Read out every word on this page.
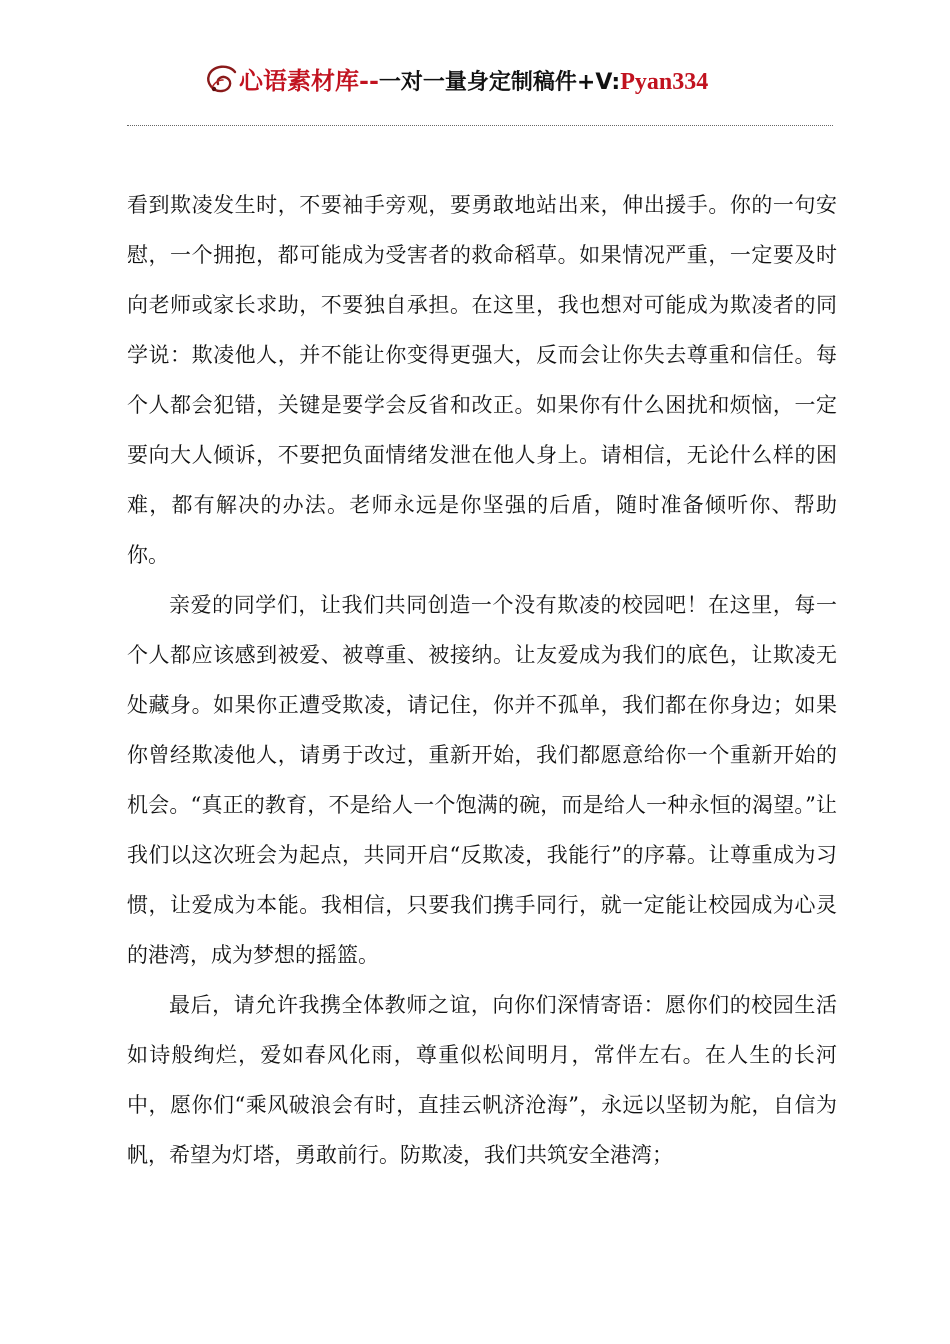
心语素材库--一对一量身定制稿件+V:Pyan334

看到欺凌发生时，不要袖手旁观，要勇敢地站出来，伸出援手。你的一句安慰，一个拥抱，都可能成为受害者的救命稻草。如果情况严重，一定要及时向老师或家长求助，不要独自承担。在这里，我也想对可能成为欺凌者的同学说：欺凌他人，并不能让你变得更强大，反而会让你失去尊重和信任。每个人都会犯错，关键是要学会反省和改正。如果你有什么困扰和烦恼，一定要向大人倾诉，不要把负面情绪发泄在他人身上。请相信，无论什么样的困难，都有解决的办法。老师永远是你坚强的后盾，随时准备倾听你、帮助你。

亲爱的同学们，让我们共同创造一个没有欺凌的校园吧！在这里，每一个人都应该感到被爱、被尊重、被接纳。让友爱成为我们的底色，让欺凌无处藏身。如果你正遭受欺凌，请记住，你并不孤单，我们都在你身边；如果你曾经欺凌他人，请勇于改过，重新开始，我们都愿意给你一个重新开始的机会。“真正的教育，不是给人一个饱满的碗，而是给人一种永恒的渴望。”让我们以这次班会为起点，共同开启“反欺凌，我能行”的序幕。让尊重成为习惯，让爱成为本能。我相信，只要我们携手同行，就一定能让校园成为心灵的港湾，成为梦想的摇篮。

最后，请允许我携全体教师之谊，向你们深情寄语：愿你们的校园生活如诗般绚烂，爱如春风化雨，尊重似松间明月，常伴左右。在人生的长河中，愿你们“乘风破浪会有时，直挂云帆济沧海”，永远以坚韧为舵，自信为帆，希望为灯塔，勇敢前行。防欺凌，我们共筑安全港湾；
